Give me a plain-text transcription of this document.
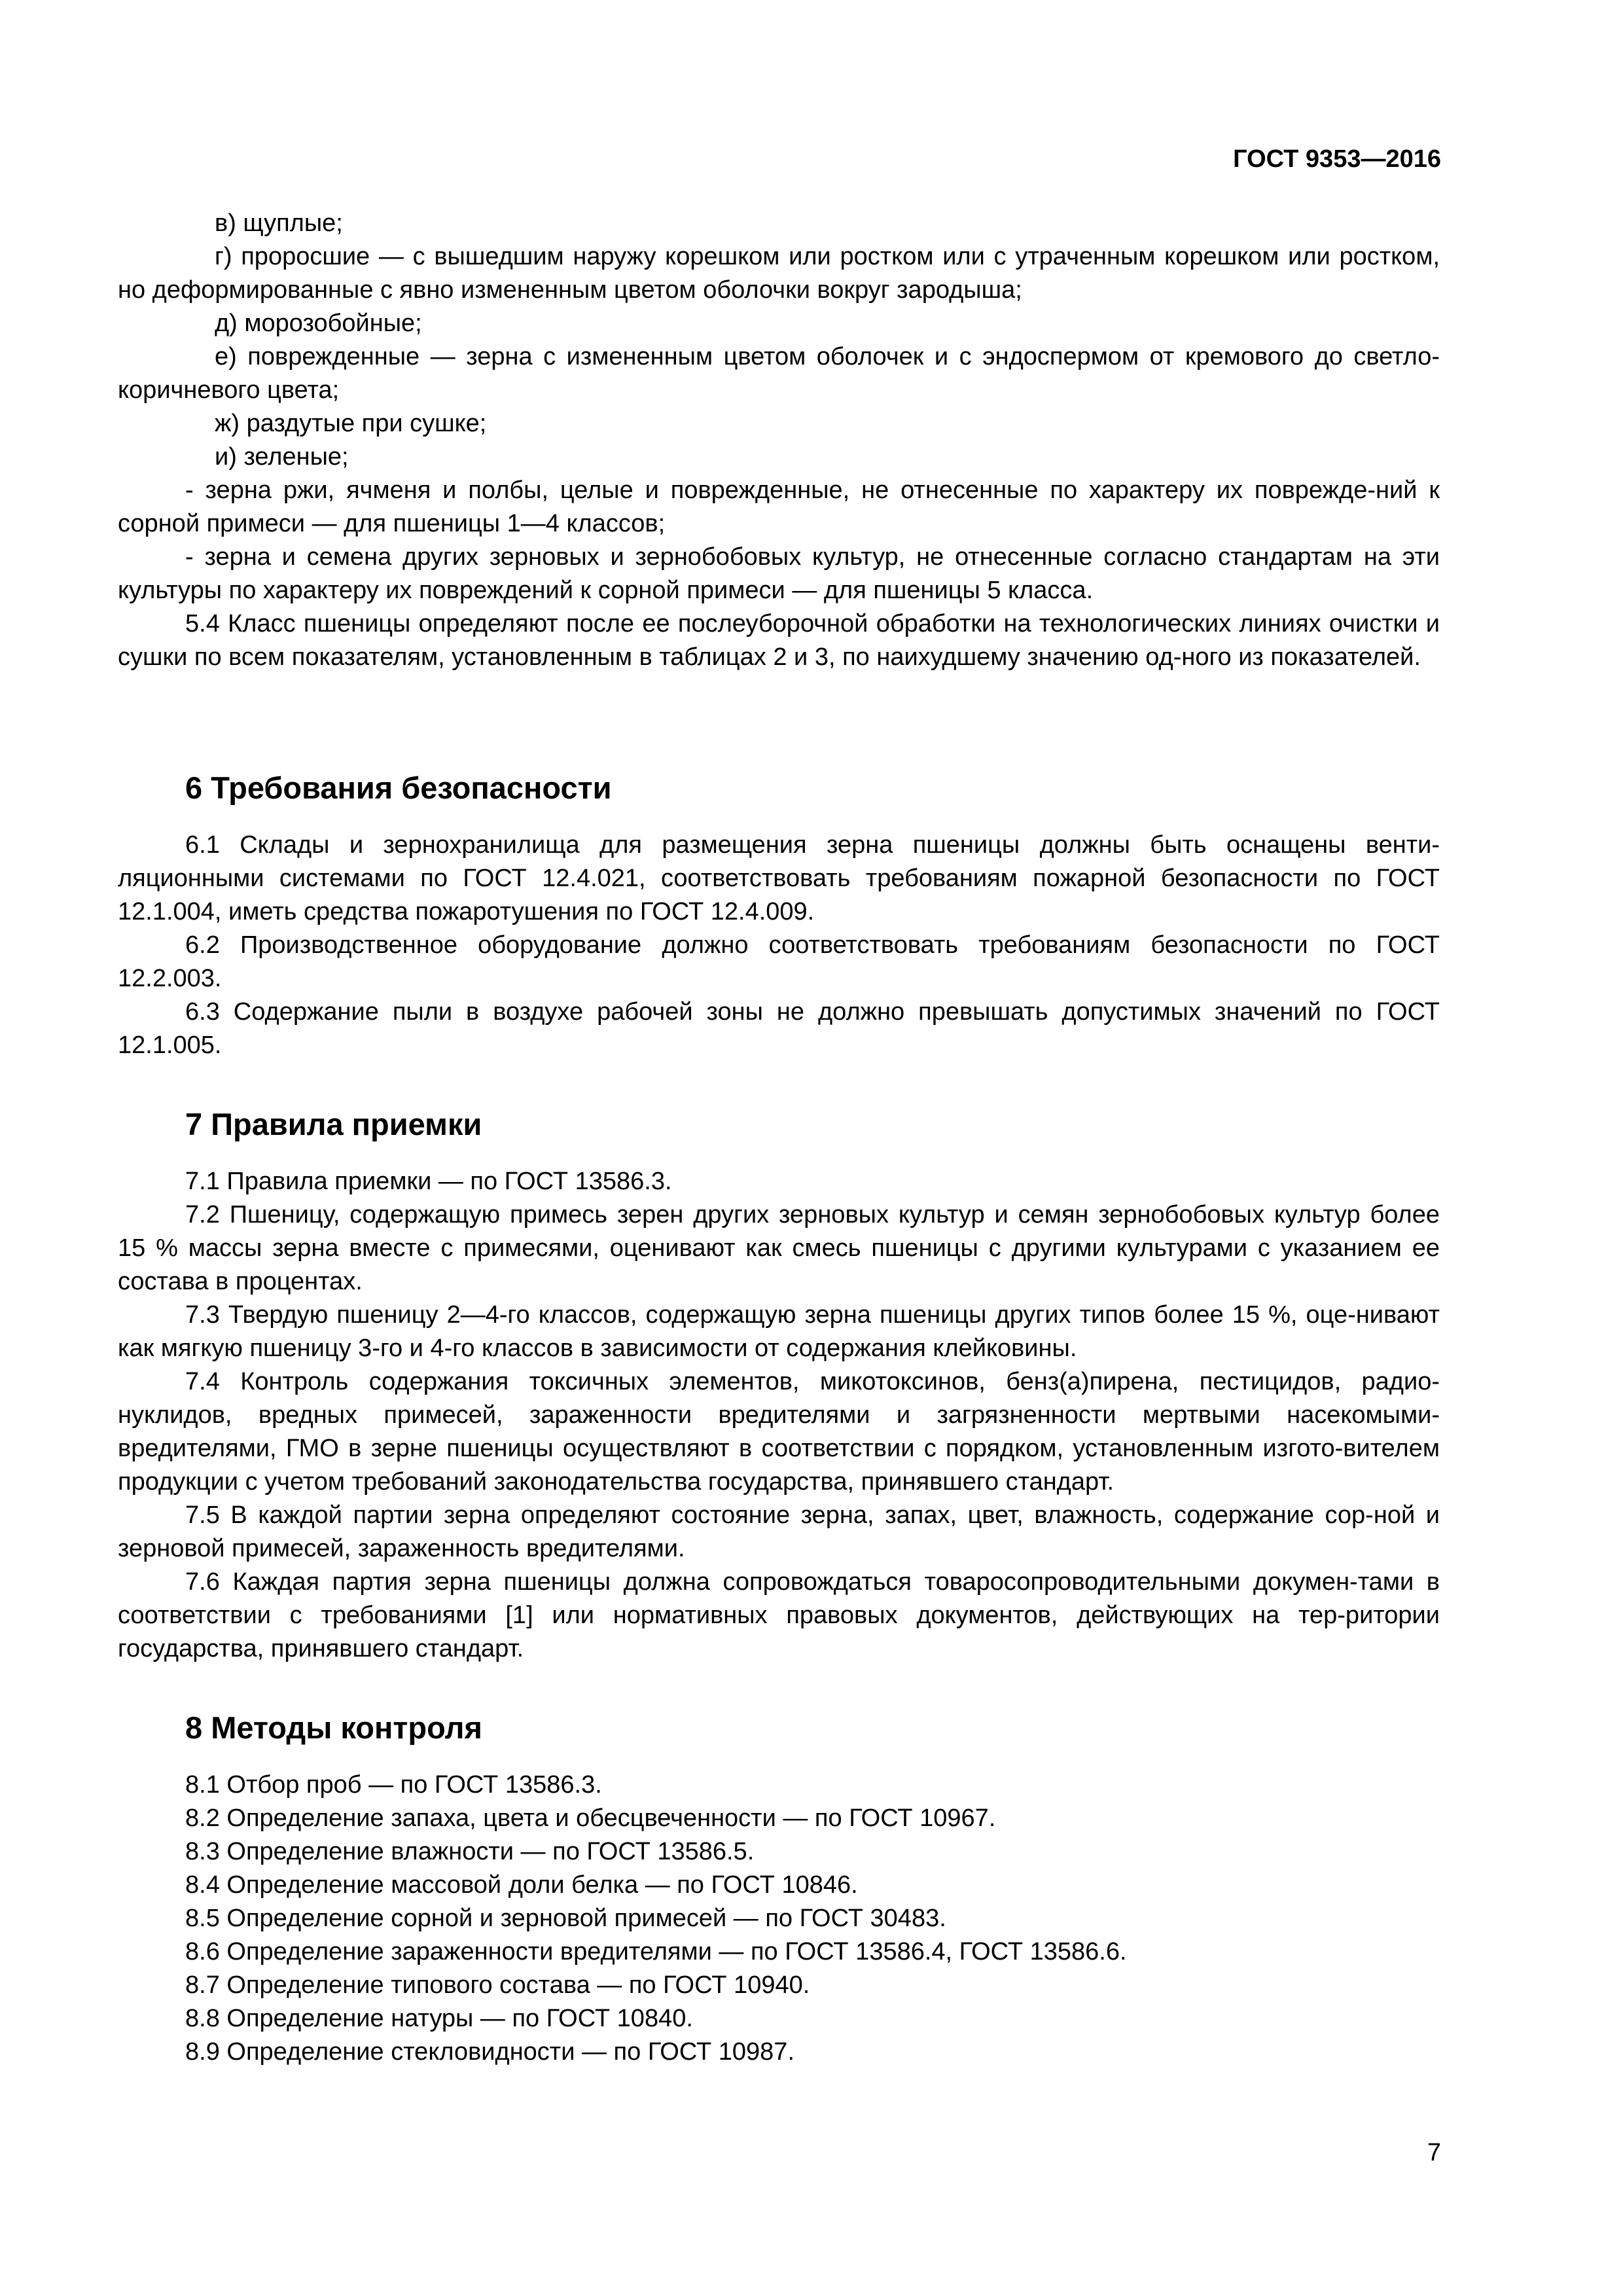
ГОСТ 9353—2016

в) щуплые;

г) проросшие — с вышедшим наружу корешком или ростком или с утраченным корешком или ростком, но деформированные с явно измененным цветом оболочки вокруг зародыша;

д) морозобойные;

е) поврежденные — зерна с измененным цветом оболочек и с эндоспермом от кремового до светло-коричневого цвета;

ж) раздутые при сушке;

и) зеленые;

- зерна ржи, ячменя и полбы, целые и поврежденные, не отнесенные по характеру их поврежде-ний к сорной примеси — для пшеницы 1—4 классов;

- зерна и семена других зерновых и зернобобовых культур, не отнесенные согласно стандартам на эти культуры по характеру их повреждений к сорной примеси — для пшеницы 5 класса.

5.4 Класс пшеницы определяют после ее послеуборочной обработки на технологических линиях очистки и сушки по всем показателям, установленным в таблицах 2 и 3, по наихудшему значению од-ного из показателей.

6 Требования безопасности

6.1 Склады и зернохранилища для размещения зерна пшеницы должны быть оснащены венти-ляционными системами по ГОСТ 12.4.021, соответствовать требованиям пожарной безопасности по ГОСТ 12.1.004, иметь средства пожаротушения по ГОСТ 12.4.009.

6.2 Производственное оборудование должно соответствовать требованиям безопасности по ГОСТ 12.2.003.

6.3 Содержание пыли в воздухе рабочей зоны не должно превышать допустимых значений по ГОСТ 12.1.005.

7 Правила приемки

7.1 Правила приемки — по ГОСТ 13586.3.

7.2 Пшеницу, содержащую примесь зерен других зерновых культур и семян зернобобовых культур более 15 % массы зерна вместе с примесями, оценивают как смесь пшеницы с другими культурами с указанием ее состава в процентах.

7.3 Твердую пшеницу 2—4-го классов, содержащую зерна пшеницы других типов более 15 %, оце-нивают как мягкую пшеницу 3-го и 4-го классов в зависимости от содержания клейковины.

7.4 Контроль содержания токсичных элементов, микотоксинов, бенз(а)пирена, пестицидов, радио-нуклидов, вредных примесей, зараженности вредителями и загрязненности мертвыми насекомыми-вредителями, ГМО в зерне пшеницы осуществляют в соответствии с порядком, установленным изгото-вителем продукции с учетом требований законодательства государства, принявшего стандарт.

7.5 В каждой партии зерна определяют состояние зерна, запах, цвет, влажность, содержание сор-ной и зерновой примесей, зараженность вредителями.

7.6 Каждая партия зерна пшеницы должна сопровождаться товаросопроводительными докумен-тами в соответствии с требованиями [1] или нормативных правовых документов, действующих на тер-ритории государства, принявшего стандарт.

8 Методы контроля

8.1 Отбор проб — по ГОСТ 13586.3.

8.2 Определение запаха, цвета и обесцвеченности — по ГОСТ 10967.

8.3 Определение влажности — по ГОСТ 13586.5.

8.4 Определение массовой доли белка — по ГОСТ 10846.

8.5 Определение сорной и зерновой примесей — по ГОСТ 30483.

8.6 Определение зараженности вредителями — по ГОСТ 13586.4, ГОСТ 13586.6.

8.7 Определение типового состава — по ГОСТ 10940.

8.8 Определение натуры — по ГОСТ 10840.

8.9 Определение стекловидности — по ГОСТ 10987.

7
